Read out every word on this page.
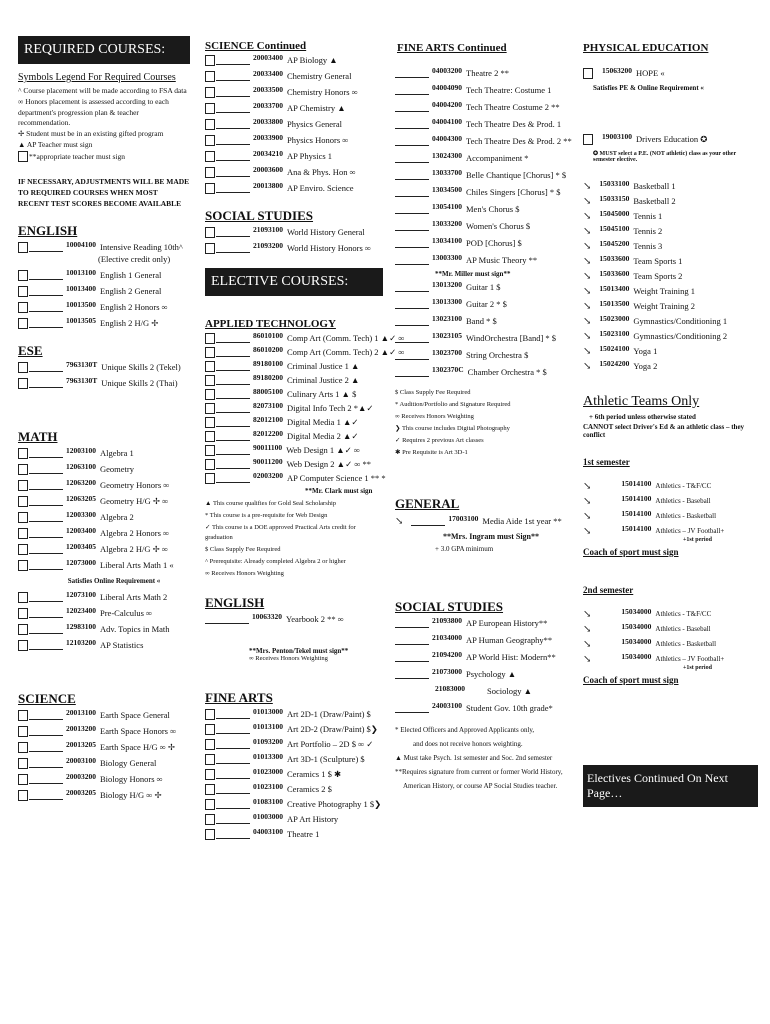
REQUIRED COURSES:
Symbols Legend For Required Courses
^ Course placement will be made according to FSA data
∞ Honors placement is assessed according to each
department's progression plan & teacher recommendation.
✢ Student must be in an existing gifted program
▲ AP Teacher must sign
**appropriate teacher must sign
IF NECESSARY, ADJUSTMENTS WILL BE MADE TO REQUIRED COURSES WHEN MOST RECENT TEST SCORES BECOME AVAILABLE
ENGLISH
10004100 Intensive Reading 10th^
(Elective credit only)
10013100 English 1 General
10013400 English 2 General
10013500 English 2 Honors ∞
10013505 English 2 H/G ✢
ESE
7963130T Unique Skills 2 (Tekel)
7963130T Unique Skills 2 (Thai)
MATH
12003100 Algebra 1
12063100 Geometry
12063200 Geometry Honors ∞
12063205 Geometry H/G ✢ ∞
12003300 Algebra 2
12003400 Algebra 2 Honors ∞
12003405 Algebra 2 H/G ✢ ∞
12073000 Liberal Arts Math 1 «
Satisfies Online Requirement «
12073100 Liberal Arts Math 2
12023400 Pre-Calculus ∞
12983100 Adv. Topics in Math
12103200 AP Statistics
SCIENCE
20013100 Earth Space General
20013200 Earth Space Honors ∞
20013205 Earth Space H/G ∞ ✢
20003100 Biology General
20003200 Biology Honors ∞
20003205 Biology H/G ∞ ✢
SCIENCE Continued
20003400 AP Biology ▲
20033400 Chemistry General
20033500 Chemistry Honors ∞
20033700 AP Chemistry ▲
20033800 Physics General
20033900 Physics Honors ∞
20034210 AP Physics 1
20003600 Ana & Phys. Hon ∞
20013800 AP Enviro. Science
SOCIAL STUDIES
21093100 World History General
21093200 World History Honors ∞
ELECTIVE COURSES:
APPLIED TECHNOLOGY
86010100 Comp Art (Comm. Tech) 1 ▲✓ ∞
86010200 Comp Art (Comm. Tech) 2 ▲✓ ∞
89180100 Criminal Justice 1 ▲
89180200 Criminal Justice 2 ▲
88005100 Culinary Arts 1 ▲ $
82073100 Digital Info Tech 2 *▲✓
82012100 Digital Media 1 ▲✓
82012200 Digital Media 2 ▲✓
90011100 Web Design 1 ▲✓ ∞
90011200 Web Design 2 ▲✓ ∞ **
02003200 AP Computer Science 1 ** *
**Mr. Clark must sign
▲ This course qualifies for Gold Seal Scholarship
* This course is a pre-requisite for Web Design
✓ This course is a DOE approved Practical Arts credit for graduation
$ Class Supply Fee Required
^ Prerequisite: Already completed Algebra 2 or higher
∞ Receives Honors Weighting
ENGLISH
10063320 Yearbook 2 ** ∞
**Mrs. Penton/Tekel must sign**
∞ Receives Honors Weighting
FINE ARTS
01013000 Art 2D-1 (Draw/Paint) $
01013100 Art 2D-2 (Draw/Paint) $❯
01093200 Art Portfolio – 2D $ ∞ ✓
01013300 Art 3D-1 (Sculpture) $
01023000 Ceramics 1 $ ✱
01023100 Ceramics 2 $
01083100 Creative Photography 1 $❯
01003000 AP Art History
04003100 Theatre 1
FINE ARTS Continued
04003200 Theatre 2 **
04004090 Tech Theatre: Costume 1
04004200 Tech Theatre Costume 2 **
04004100 Tech Theatre Des & Prod. 1
04004300 Tech Theatre Des & Prod. 2 **
13024300 Accompaniment *
13033700 Belle Chantique [Chorus] * $
13034500 Chiles Singers [Chorus] * $
13054100 Men's Chorus $
13033200 Women's Chorus $
13034100 POD [Chorus] $
13003300 AP Music Theory **
**Mr. Miller must sign**
13013200 Guitar 1 $
13013300 Guitar 2 * $
13023100 Band * $
13023105 WindOrchestra [Band] * $
13023700 String Orchestra $
1302370C Chamber Orchestra * $
$ Class Supply Fee Required
* Audition/Portfolio and Signature Required
∞ Receives Honors Weighting
❯ This course includes Digital Photography
✓ Requires 2 previous Art classes
✱ Pre Requisite is Art 3D-1
GENERAL
↘	17003100 Media Aide 1st year **
**Mrs. Ingram must Sign**
+ 3.0 GPA minimum
SOCIAL STUDIES
21093800 AP European History**
21034000 AP Human Geography**
21094200 AP World Hist: Modern**
21073000 Psychology ▲
21083000	Sociology ▲
24003100 Student Gov. 10th grade*
* Elected Officers and Approved Applicants only,
and does not receive honors weighting.
▲ Must take Psych. 1st semester and Soc. 2nd semester
**Requires signature from current or former World History,
American History, or course AP Social Studies teacher.
PHYSICAL EDUCATION
15063200 HOPE «
Satisfies PE & Online Requirement «
19003100 Drivers Education ✪
✪ MUST select a P.E. (NOT athletic) class as your other semester elective.
↘ 15033100 Basketball 1
↘ 15033150 Basketball 2
↘ 15045000 Tennis 1
↘ 15045100 Tennis 2
↘ 15045200 Tennis 3
↘ 15033600 Team Sports 1
↘ 15033600 Team Sports 2
↘ 15013400 Weight Training 1
↘ 15013500 Weight Training 2
↘ 15023000 Gymnastics/Conditioning 1
↘ 15023100 Gymnastics/Conditioning 2
↘ 15024100 Yoga 1
↘ 15024200 Yoga 2
Athletic Teams Only
+ 6th period unless otherwise stated
CANNOT select Driver's Ed & an athletic class – they conflict
1st semester
↘	15014100 Athletics - T&F/CC
↘	15014100 Athletics - Baseball
↘	15014100 Athletics - Basketball
↘	15014100 Athletics – JV Football+
+1st period
Coach of sport must sign
2nd semester
↘	15034000 Athletics - T&F/CC
↘	15034000 Athletics - Baseball
↘	15034000 Athletics - Basketball
↘	15034000 Athletics – JV Football+
+1st period
Coach of sport must sign
Electives Continued On Next Page…
